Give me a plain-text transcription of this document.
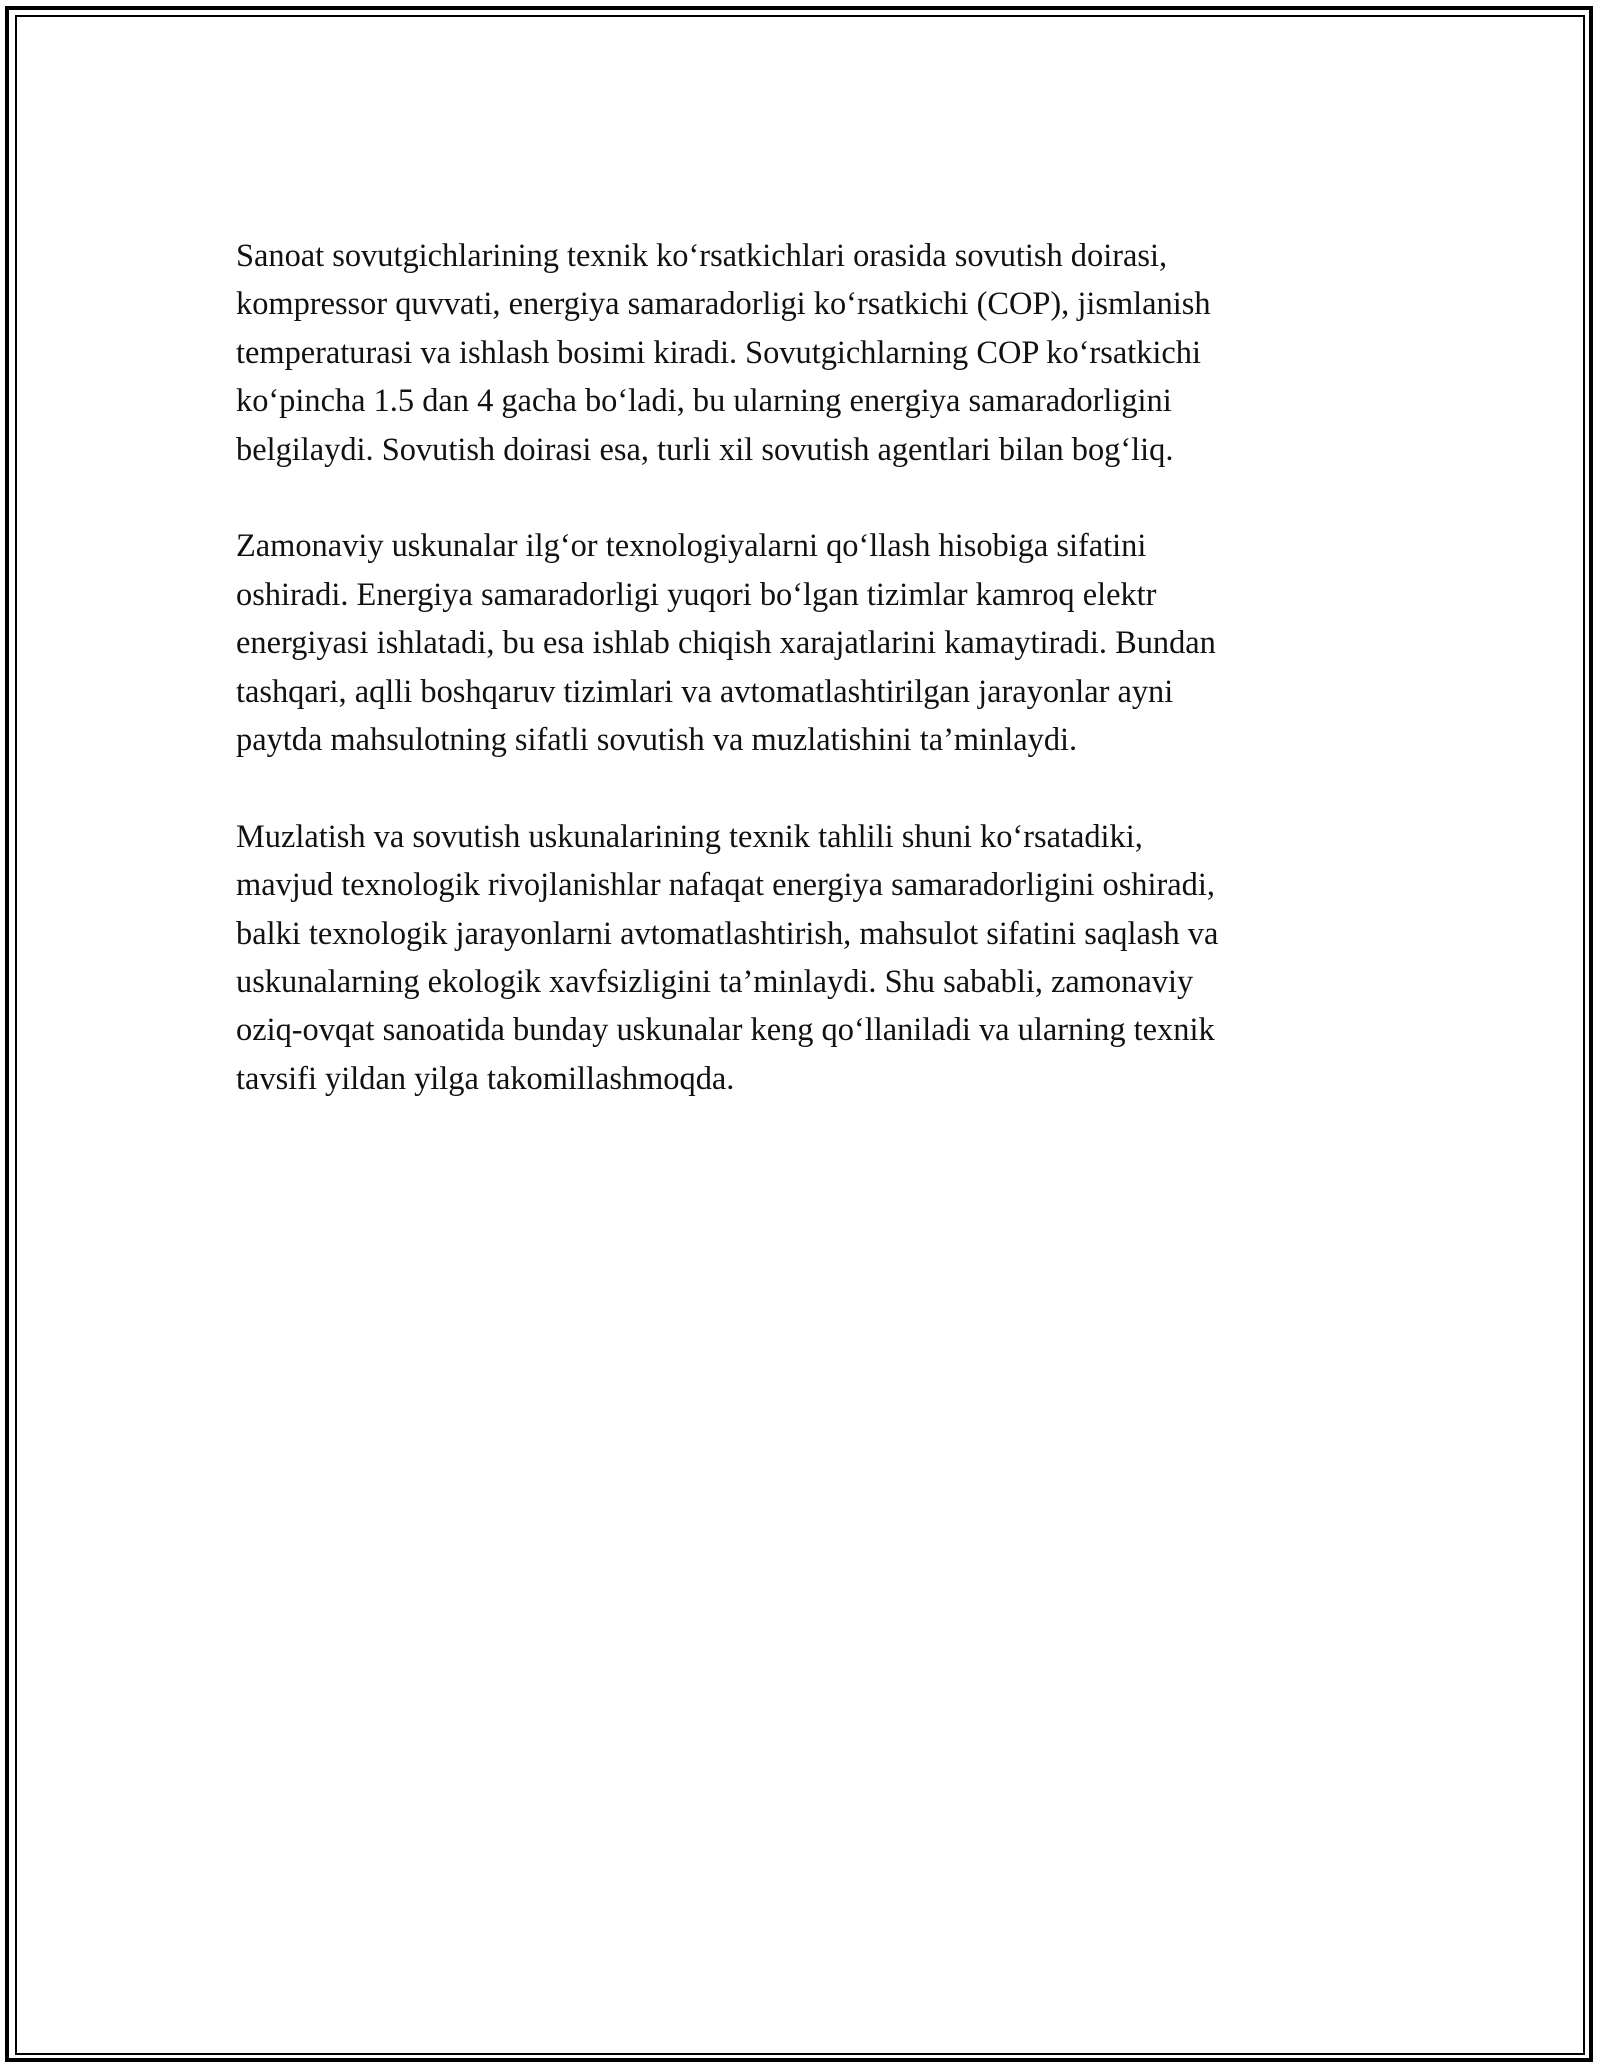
Sanoat sovutgichlarining texnik ko‘rsatkichlari orasida sovutish doirasi,
kompressor quvvati, energiya samaradorligi ko‘rsatkichi (COP), jismlanish
temperaturasi va ishlash bosimi kiradi. Sovutgichlarning COP ko‘rsatkichi
ko‘pincha 1.5 dan 4 gacha bo‘ladi, bu ularning energiya samaradorligini
belgilaydi. Sovutish doirasi esa, turli xil sovutish agentlari bilan bog‘liq.

Zamonaviy uskunalar ilg‘or texnologiyalarni qo‘llash hisobiga sifatini
oshiradi. Energiya samaradorligi yuqori bo‘lgan tizimlar kamroq elektr
energiyasi ishlatadi, bu esa ishlab chiqish xarajatlarini kamaytiradi. Bundan
tashqari, aqlli boshqaruv tizimlari va avtomatlashtirilgan jarayonlar ayni
paytda mahsulotning sifatli sovutish va muzlatishini ta’minlaydi.

Muzlatish va sovutish uskunalarining texnik tahlili shuni ko‘rsatadiki,
mavjud texnologik rivojlanishlar nafaqat energiya samaradorligini oshiradi,
balki texnologik jarayonlarni avtomatlashtirish, mahsulot sifatini saqlash va
uskunalarning ekologik xavfsizligini ta’minlaydi. Shu sababli, zamonaviy
oziq-ovqat sanoatida bunday uskunalar keng qo‘llaniladi va ularning texnik
tavsifi yildan yilga takomillashmoqda.
